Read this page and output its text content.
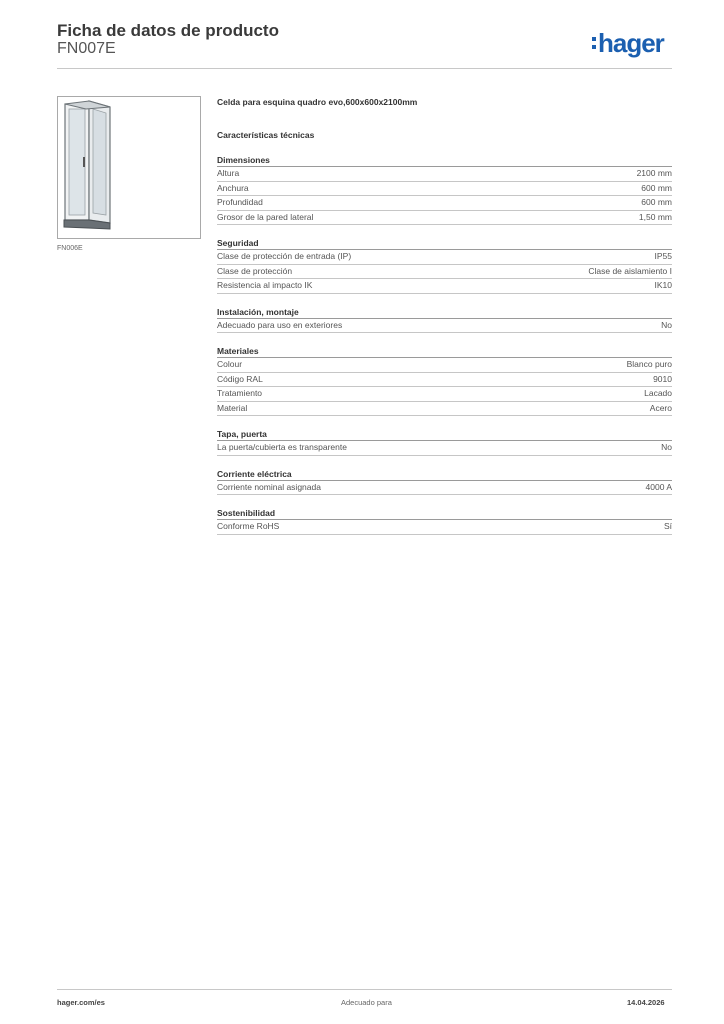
Ficha de datos de producto
FN007E	hager
FN006E
Celda para esquina quadro evo,600x600x2100mm
Características técnicas
Dimensiones
Altura	2100 mm
Anchura	600 mm
Profundidad	600 mm
Grosor de la pared lateral	1,50 mm
Seguridad
Clase de protección de entrada (IP)	IP55
Clase de protección	Clase de aislamiento I
Resistencia al impacto IK	IK10
Instalación, montaje
Adecuado para uso en exteriores	No
Materiales
Colour	Blanco puro
Código RAL	9010
Tratamiento	Lacado
Material	Acero
Tapa, puerta
La puerta/cubierta es transparente	No
Corriente eléctrica
Corriente nominal asignada	4000 A
Sostenibilidad
Conforme RoHS	Sí
hager.com/es	Adecuado para	14.04.2026
